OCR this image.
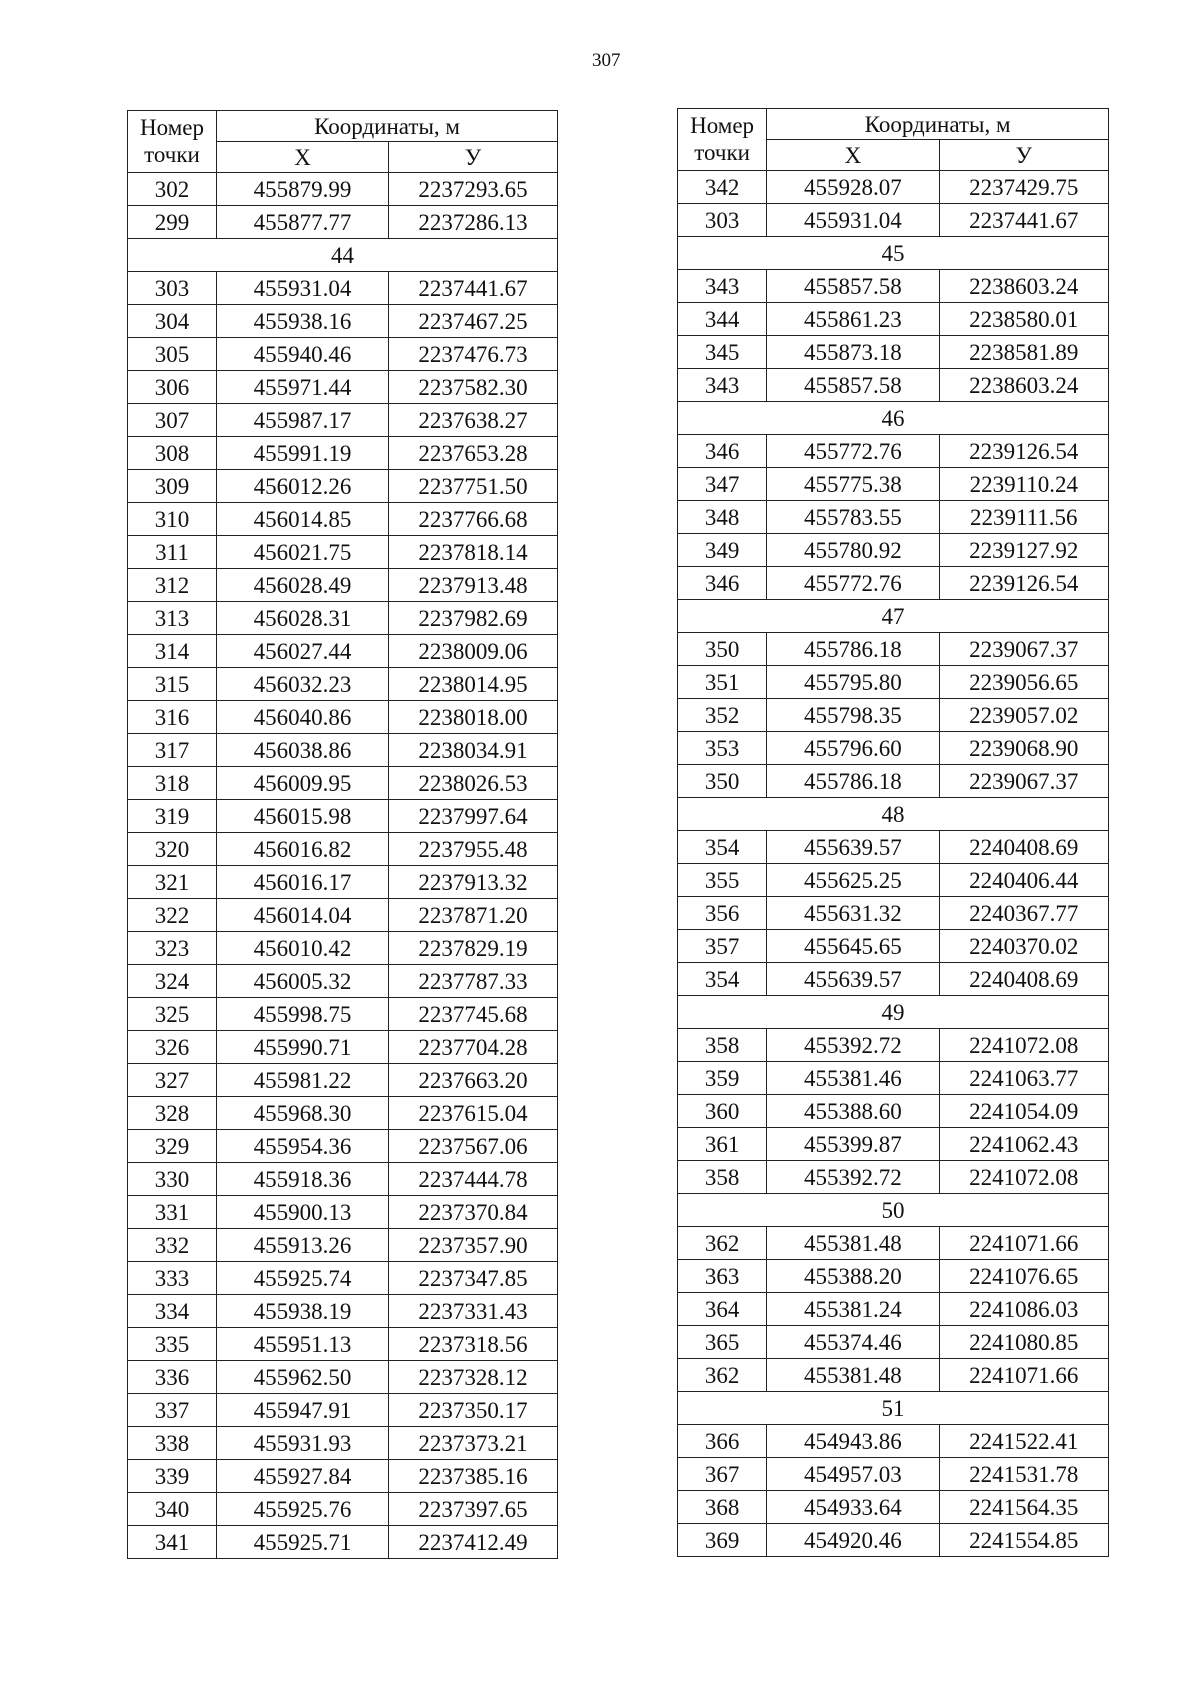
307
Номер точки	Координаты, м	
	Х	У
302	455879.99	2237293.65
299	455877.77	2237286.13
44		
303	455931.04	2237441.67
304	455938.16	2237467.25
305	455940.46	2237476.73
306	455971.44	2237582.30
307	455987.17	2237638.27
308	455991.19	2237653.28
309	456012.26	2237751.50
310	456014.85	2237766.68
311	456021.75	2237818.14
312	456028.49	2237913.48
313	456028.31	2237982.69
314	456027.44	2238009.06
315	456032.23	2238014.95
316	456040.86	2238018.00
317	456038.86	2238034.91
318	456009.95	2238026.53
319	456015.98	2237997.64
320	456016.82	2237955.48
321	456016.17	2237913.32
322	456014.04	2237871.20
323	456010.42	2237829.19
324	456005.32	2237787.33
325	455998.75	2237745.68
326	455990.71	2237704.28
327	455981.22	2237663.20
328	455968.30	2237615.04
329	455954.36	2237567.06
330	455918.36	2237444.78
331	455900.13	2237370.84
332	455913.26	2237357.90
333	455925.74	2237347.85
334	455938.19	2237331.43
335	455951.13	2237318.56
336	455962.50	2237328.12
337	455947.91	2237350.17
338	455931.93	2237373.21
339	455927.84	2237385.16
340	455925.76	2237397.65
341	455925.71	2237412.49
Номер точки	Координаты, м	
	Х	У
342	455928.07	2237429.75
303	455931.04	2237441.67
45		
343	455857.58	2238603.24
344	455861.23	2238580.01
345	455873.18	2238581.89
343	455857.58	2238603.24
46		
346	455772.76	2239126.54
347	455775.38	2239110.24
348	455783.55	2239111.56
349	455780.92	2239127.92
346	455772.76	2239126.54
47		
350	455786.18	2239067.37
351	455795.80	2239056.65
352	455798.35	2239057.02
353	455796.60	2239068.90
350	455786.18	2239067.37
48		
354	455639.57	2240408.69
355	455625.25	2240406.44
356	455631.32	2240367.77
357	455645.65	2240370.02
354	455639.57	2240408.69
49		
358	455392.72	2241072.08
359	455381.46	2241063.77
360	455388.60	2241054.09
361	455399.87	2241062.43
358	455392.72	2241072.08
50		
362	455381.48	2241071.66
363	455388.20	2241076.65
364	455381.24	2241086.03
365	455374.46	2241080.85
362	455381.48	2241071.66
51		
366	454943.86	2241522.41
367	454957.03	2241531.78
368	454933.64	2241564.35
369	454920.46	2241554.85
